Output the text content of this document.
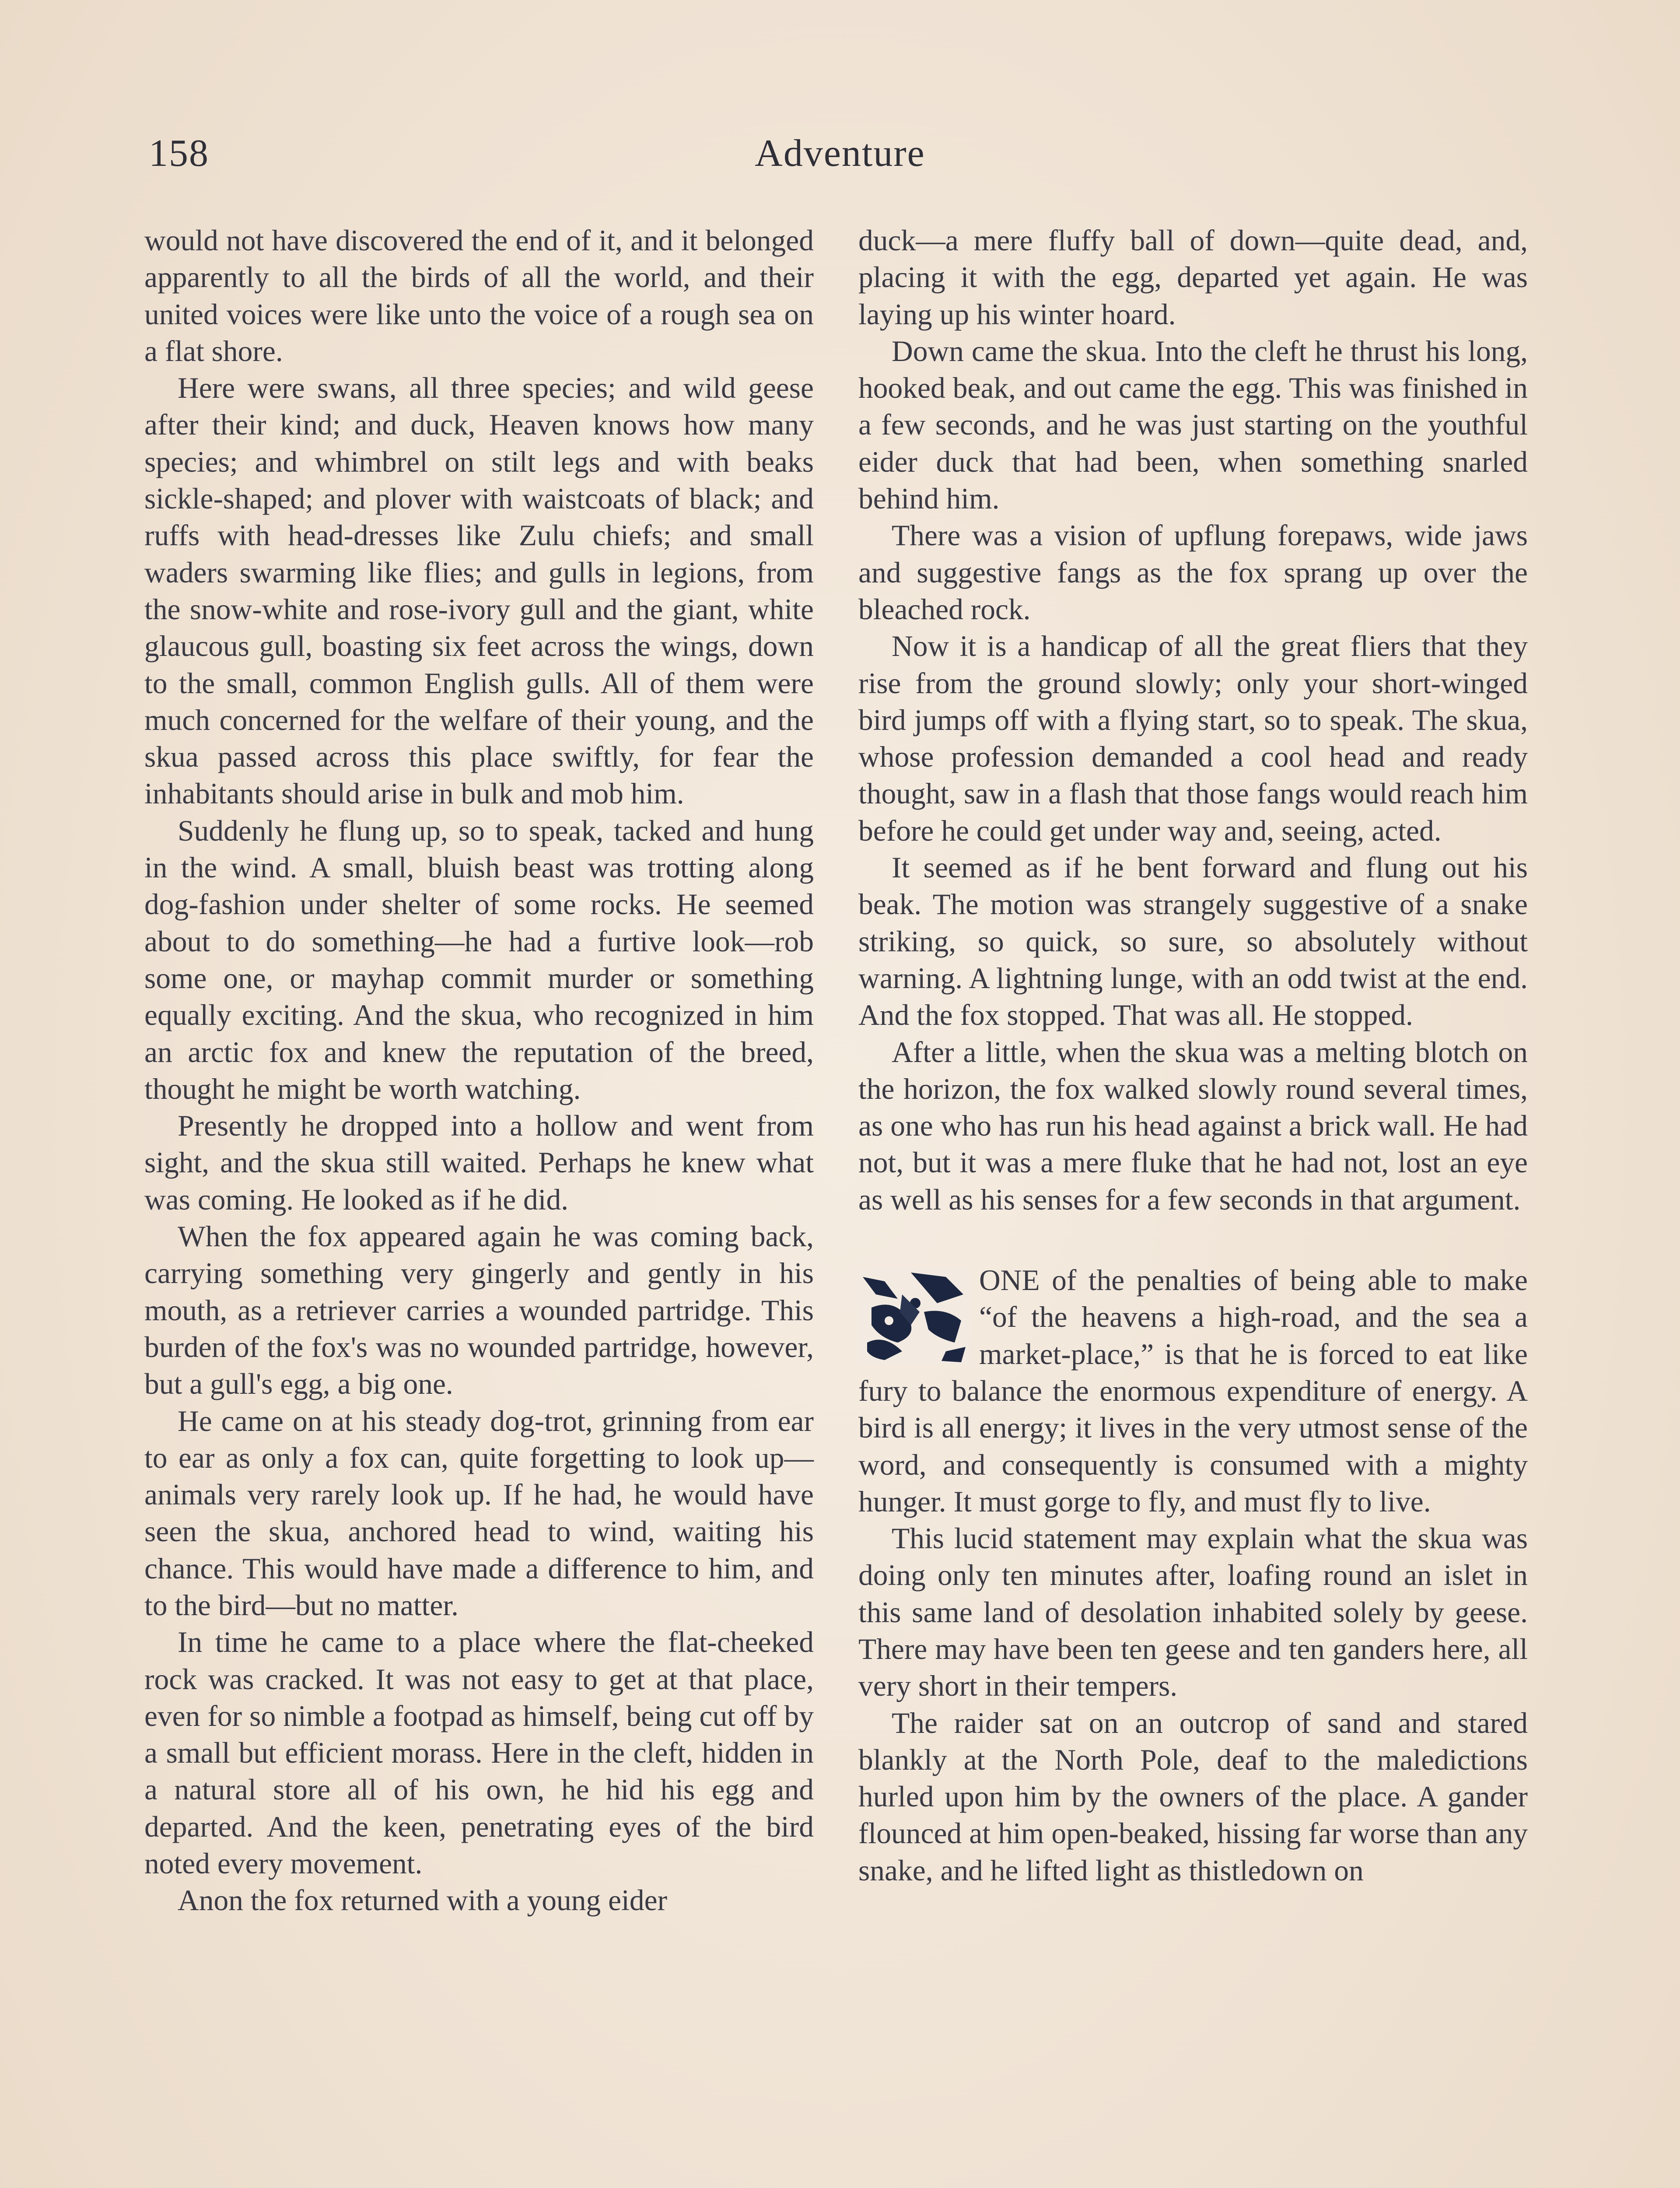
158	Adventure

would not have discovered the end of it, and it belonged apparently to all the birds of all the world, and their united voices were like unto the voice of a rough sea on a flat shore.

Here were swans, all three species; and wild geese after their kind; and duck, Heaven knows how many species; and whimbrel on stilt legs and with beaks sickle-shaped; and plover with waistcoats of black; and ruffs with head-dresses like Zulu chiefs; and small waders swarming like flies; and gulls in legions, from the snow-white and rose-ivory gull and the giant, white glaucous gull, boasting six feet across the wings, down to the small, common English gulls. All of them were much concerned for the welfare of their young, and the skua passed across this place swiftly, for fear the inhabitants should arise in bulk and mob him.

Suddenly he flung up, so to speak, tacked and hung in the wind. A small, bluish beast was trotting along dog-fashion under shelter of some rocks. He seemed about to do something—he had a furtive look—rob some one, or mayhap commit murder or something equally exciting. And the skua, who recognized in him an arctic fox and knew the reputation of the breed, thought he might be worth watching.

Presently he dropped into a hollow and went from sight, and the skua still waited. Perhaps he knew what was coming. He looked as if he did.

When the fox appeared again he was coming back, carrying something very gingerly and gently in his mouth, as a retriever carries a wounded partridge. This burden of the fox's was no wounded partridge, however, but a gull's egg, a big one.

He came on at his steady dog-trot, grinning from ear to ear as only a fox can, quite forgetting to look up—animals very rarely look up. If he had, he would have seen the skua, anchored head to wind, waiting his chance. This would have made a difference to him, and to the bird—but no matter.

In time he came to a place where the flat-cheeked rock was cracked. It was not easy to get at that place, even for so nimble a footpad as himself, being cut off by a small but efficient morass. Here in the cleft, hidden in a natural store all of his own, he hid his egg and departed. And the keen, penetrating eyes of the bird noted every movement.

Anon the fox returned with a young eider

duck—a mere fluffy ball of down—quite dead, and, placing it with the egg, departed yet again. He was laying up his winter hoard.

Down came the skua. Into the cleft he thrust his long, hooked beak, and out came the egg. This was finished in a few seconds, and he was just starting on the youthful eider duck that had been, when something snarled behind him.

There was a vision of upflung forepaws, wide jaws and suggestive fangs as the fox sprang up over the bleached rock.

Now it is a handicap of all the great fliers that they rise from the ground slowly; only your short-winged bird jumps off with a flying start, so to speak. The skua, whose profession demanded a cool head and ready thought, saw in a flash that those fangs would reach him before he could get under way and, seeing, acted.

It seemed as if he bent forward and flung out his beak. The motion was strangely suggestive of a snake striking, so quick, so sure, so absolutely without warning. A lightning lunge, with an odd twist at the end. And the fox stopped. That was all. He stopped.

After a little, when the skua was a melting blotch on the horizon, the fox walked slowly round several times, as one who has run his head against a brick wall. He had not, but it was a mere fluke that he had not, lost an eye as well as his senses for a few seconds in that argument.

ONE of the penalties of being able to make “of the heavens a high-road, and the sea a market-place,” is that he is forced to eat like fury to balance the enormous expenditure of energy. A bird is all energy; it lives in the very utmost sense of the word, and consequently is consumed with a mighty hunger. It must gorge to fly, and must fly to live.

This lucid statement may explain what the skua was doing only ten minutes after, loafing round an islet in this same land of desolation inhabited solely by geese. There may have been ten geese and ten ganders here, all very short in their tempers.

The raider sat on an outcrop of sand and stared blankly at the North Pole, deaf to the maledictions hurled upon him by the owners of the place. A gander flounced at him open-beaked, hissing far worse than any snake, and he lifted light as thistledown on
